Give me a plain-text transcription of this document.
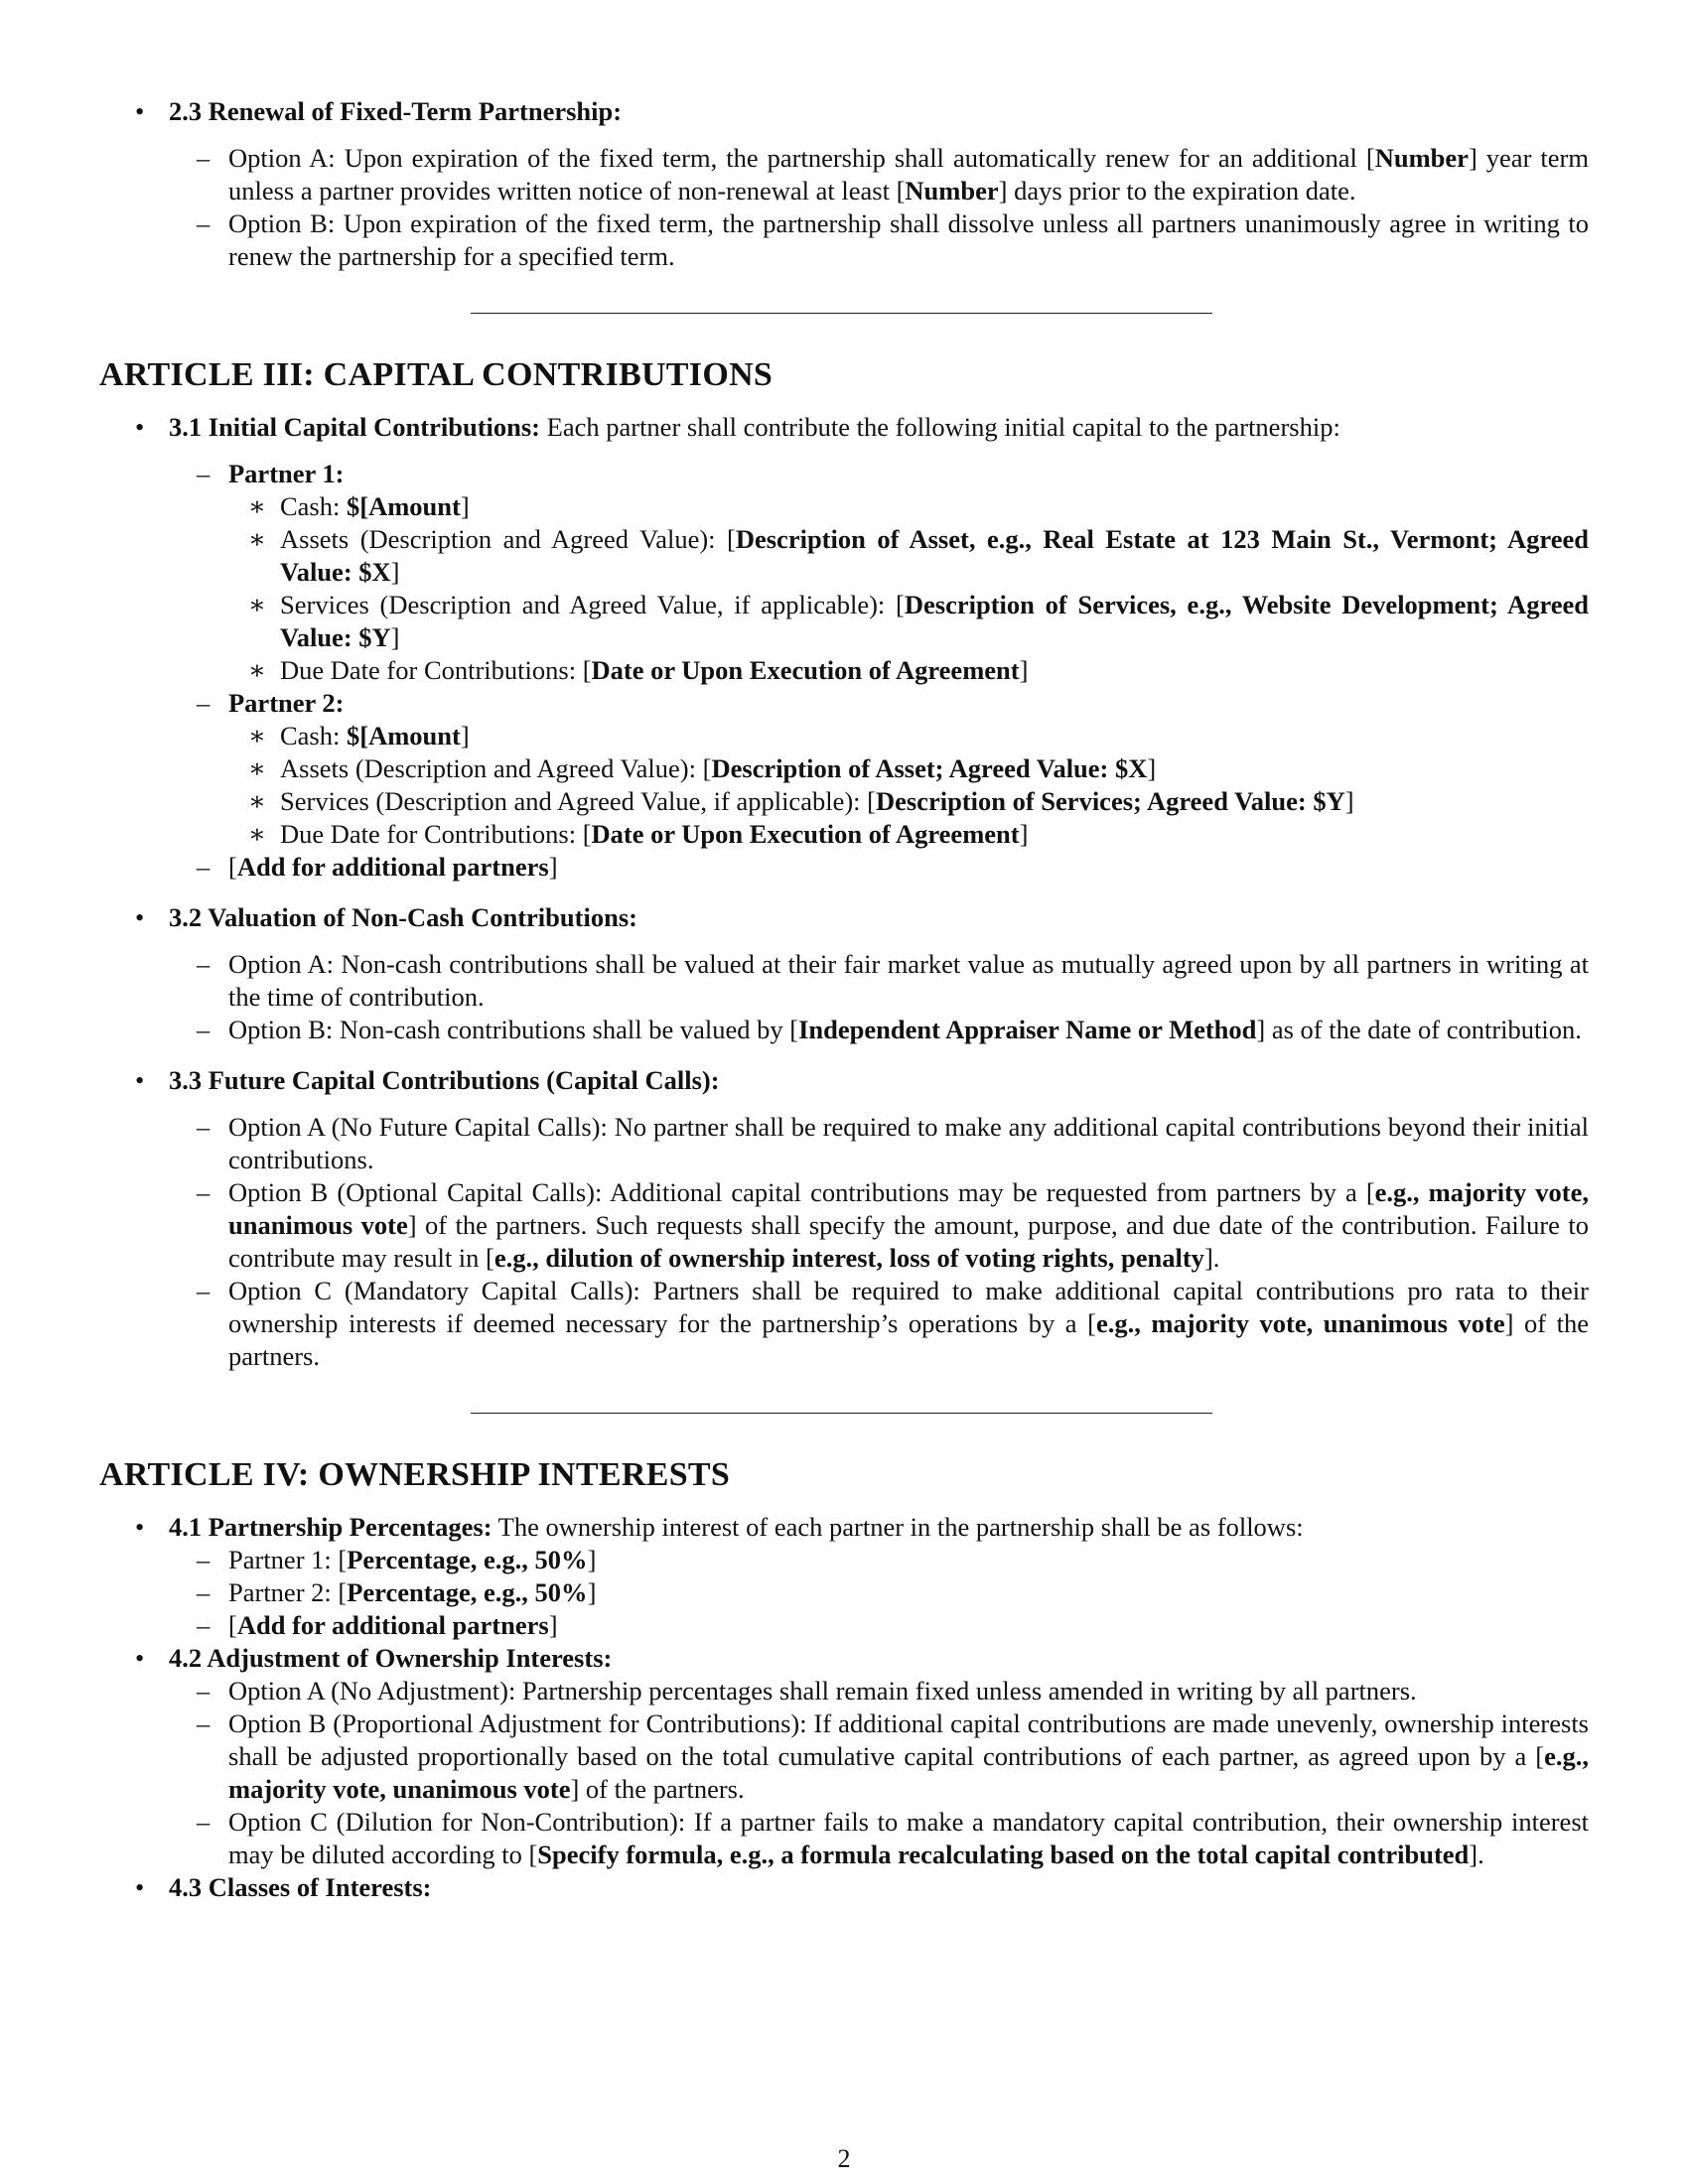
• 2.3 Renewal of Fixed-Term Partnership:
– Option A: Upon expiration of the fixed term, the partnership shall automatically renew for an additional [Number] year term unless a partner provides written notice of non-renewal at least [Number] days prior to the expiration date.
– Option B: Upon expiration of the fixed term, the partnership shall dissolve unless all partners unanimously agree in writing to renew the partnership for a specified term.
ARTICLE III: CAPITAL CONTRIBUTIONS
• 3.1 Initial Capital Contributions: Each partner shall contribute the following initial capital to the partnership:
– Partner 1:
∗ Cash: $[Amount]
∗ Assets (Description and Agreed Value): [Description of Asset, e.g., Real Estate at 123 Main St., Vermont; Agreed Value: $X]
∗ Services (Description and Agreed Value, if applicable): [Description of Services, e.g., Website Development; Agreed Value: $Y]
∗ Due Date for Contributions: [Date or Upon Execution of Agreement]
– Partner 2:
∗ Cash: $[Amount]
∗ Assets (Description and Agreed Value): [Description of Asset; Agreed Value: $X]
∗ Services (Description and Agreed Value, if applicable): [Description of Services; Agreed Value: $Y]
∗ Due Date for Contributions: [Date or Upon Execution of Agreement]
– [Add for additional partners]
• 3.2 Valuation of Non-Cash Contributions:
– Option A: Non-cash contributions shall be valued at their fair market value as mutually agreed upon by all partners in writing at the time of contribution.
– Option B: Non-cash contributions shall be valued by [Independent Appraiser Name or Method] as of the date of contribution.
• 3.3 Future Capital Contributions (Capital Calls):
– Option A (No Future Capital Calls): No partner shall be required to make any additional capital contributions beyond their initial contributions.
– Option B (Optional Capital Calls): Additional capital contributions may be requested from partners by a [e.g., majority vote, unanimous vote] of the partners. Such requests shall specify the amount, purpose, and due date of the contribution. Failure to contribute may result in [e.g., dilution of ownership interest, loss of voting rights, penalty].
– Option C (Mandatory Capital Calls): Partners shall be required to make additional capital contributions pro rata to their ownership interests if deemed necessary for the partnership’s operations by a [e.g., majority vote, unanimous vote] of the partners.
ARTICLE IV: OWNERSHIP INTERESTS
• 4.1 Partnership Percentages: The ownership interest of each partner in the partnership shall be as follows:
– Partner 1: [Percentage, e.g., 50%]
– Partner 2: [Percentage, e.g., 50%]
– [Add for additional partners]
• 4.2 Adjustment of Ownership Interests:
– Option A (No Adjustment): Partnership percentages shall remain fixed unless amended in writing by all partners.
– Option B (Proportional Adjustment for Contributions): If additional capital contributions are made unevenly, ownership interests shall be adjusted proportionally based on the total cumulative capital contributions of each partner, as agreed upon by a [e.g., majority vote, unanimous vote] of the partners.
– Option C (Dilution for Non-Contribution): If a partner fails to make a mandatory capital contribution, their ownership interest may be diluted according to [Specify formula, e.g., a formula recalculating based on the total capital contributed].
• 4.3 Classes of Interests:
2
